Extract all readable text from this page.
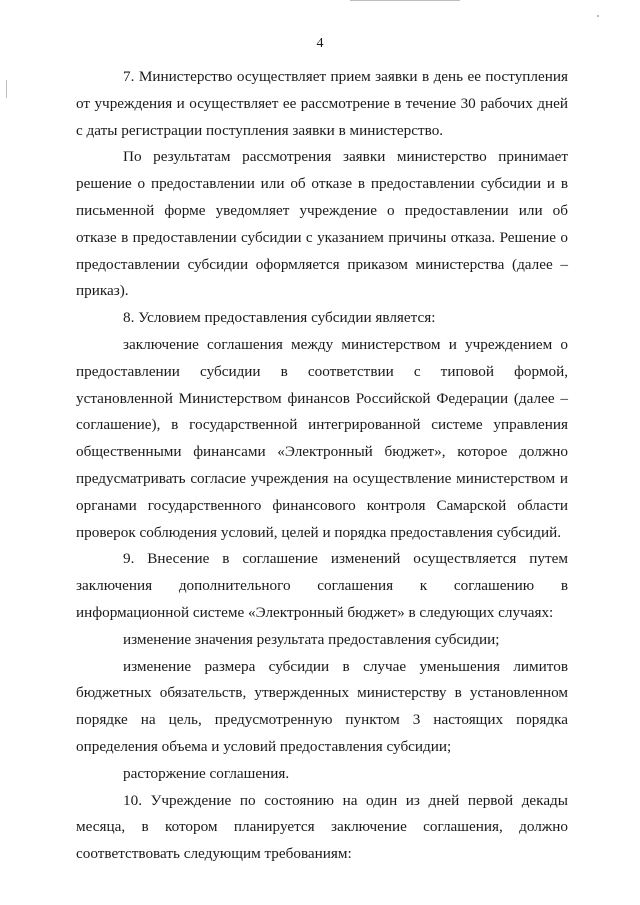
4

7. Министерство осуществляет прием заявки в день ее поступления от учреждения и осуществляет ее рассмотрение в течение 30 рабочих дней с даты регистрации поступления заявки в министерство.

По результатам рассмотрения заявки министерство принимает решение о предоставлении или об отказе в предоставлении субсидии и в письменной форме уведомляет учреждение о предоставлении или об отказе в предоставлении субсидии с указанием причины отказа. Решение о предоставлении субсидии оформляется приказом министерства (далее – приказ).

8. Условием предоставления субсидии является:

заключение соглашения между министерством и учреждением о предоставлении субсидии в соответствии с типовой формой, установленной Министерством финансов Российской Федерации (далее – соглашение), в государственной интегрированной системе управления общественными финансами «Электронный бюджет», которое должно предусматривать согласие учреждения на осуществление министерством и органами государственного финансового контроля Самарской области проверок соблюдения условий, целей и порядка предоставления субсидий.

9. Внесение в соглашение изменений осуществляется путем заключения дополнительного соглашения к соглашению в информационной системе «Электронный бюджет» в следующих случаях:

изменение значения результата предоставления субсидии;

изменение размера субсидии в случае уменьшения лимитов бюджетных обязательств, утвержденных министерству в установленном порядке на цель, предусмотренную пунктом 3 настоящих порядка определения объема и условий предоставления субсидии;

расторжение соглашения.

10. Учреждение по состоянию на один из дней первой декады месяца, в котором планируется заключение соглашения, должно соответствовать следующим требованиям:
